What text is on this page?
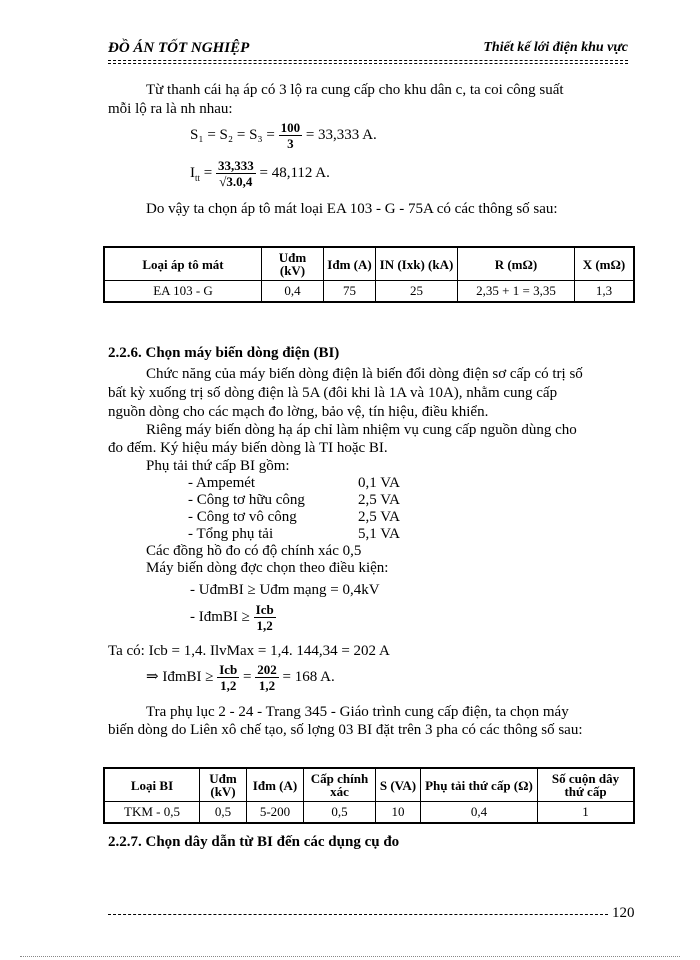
ĐỒ ÁN TỐT NGHIỆP	Thiết kế lới điện khu vực
Từ thanh cái hạ áp có 3 lộ ra cung cấp cho khu dân c, ta coi công suất
mỗi lộ ra là nh nhau:
$S_1 = S_2 = S_3 = \frac{100}{3} = 33,333$ A.
$I_{tt} = \frac{33,333}{√3.0,4} = 48,112$ A.
Do vậy ta chọn áp tô mát loại EA 103 - G - 75A có các thông số sau:
Loại áp tô mát	Uđm (kV)	Iđm (A)	IN (Ixk) (kA)	R (mΩ)	X (mΩ)
EA 103 - G	0,4	75	25	2,35 + 1 = 3,35	1,3
2.2.6. Chọn máy biến dòng điện (BI)
Chức năng của máy biến dòng điện là biến đổi dòng điện sơ cấp có trị số
bất kỳ xuống trị số dòng điện là 5A (đôi khi là 1A và 10A), nhằm cung cấp
nguồn dòng cho các mạch đo lờng, bảo vệ, tín hiệu, điều khiển.
Riêng máy biến dòng hạ áp chỉ làm nhiệm vụ cung cấp nguồn dùng cho
đo đếm. Ký hiệu máy biến dòng là TI hoặc BI.
Phụ tải thứ cấp BI gồm:
- Ampemét	0,1 VA
- Công tơ hữu công	2,5 VA
- Công tơ vô công	2,5 VA
- Tổng phụ tải	5,1 VA
Các đồng hồ đo có độ chính xác 0,5
Máy biến dòng đợc chọn theo điều kiện:
- UđmBI ≥ Uđm mạng = 0,4kV
- IđmBI ≥ $\frac{\text{Icb}}{1,2}$
Ta có: Icb = 1,4. IlvMax = 1,4. 144,34 = 202 A
⇒ IđmBI ≥ $\frac{\text{Icb}}{1,2} = \frac{202}{1,2} = 168$ A.
Tra phụ lục 2 - 24 - Trang 345 - Giáo trình cung cấp điện, ta chọn máy
biến dòng do Liên xô chế tạo, số lợng 03 BI đặt trên 3 pha có các thông số sau:
Loại BI	Uđm (kV)	Iđm (A)	Cấp chính xác	S (VA)	Phụ tải thứ cấp (Ω)	Số cuộn dây thứ cấp
TKM - 0,5	0,5	5-200	0,5	10	0,4	1
2.2.7. Chọn dây dẫn từ BI đến các dụng cụ đo
120
